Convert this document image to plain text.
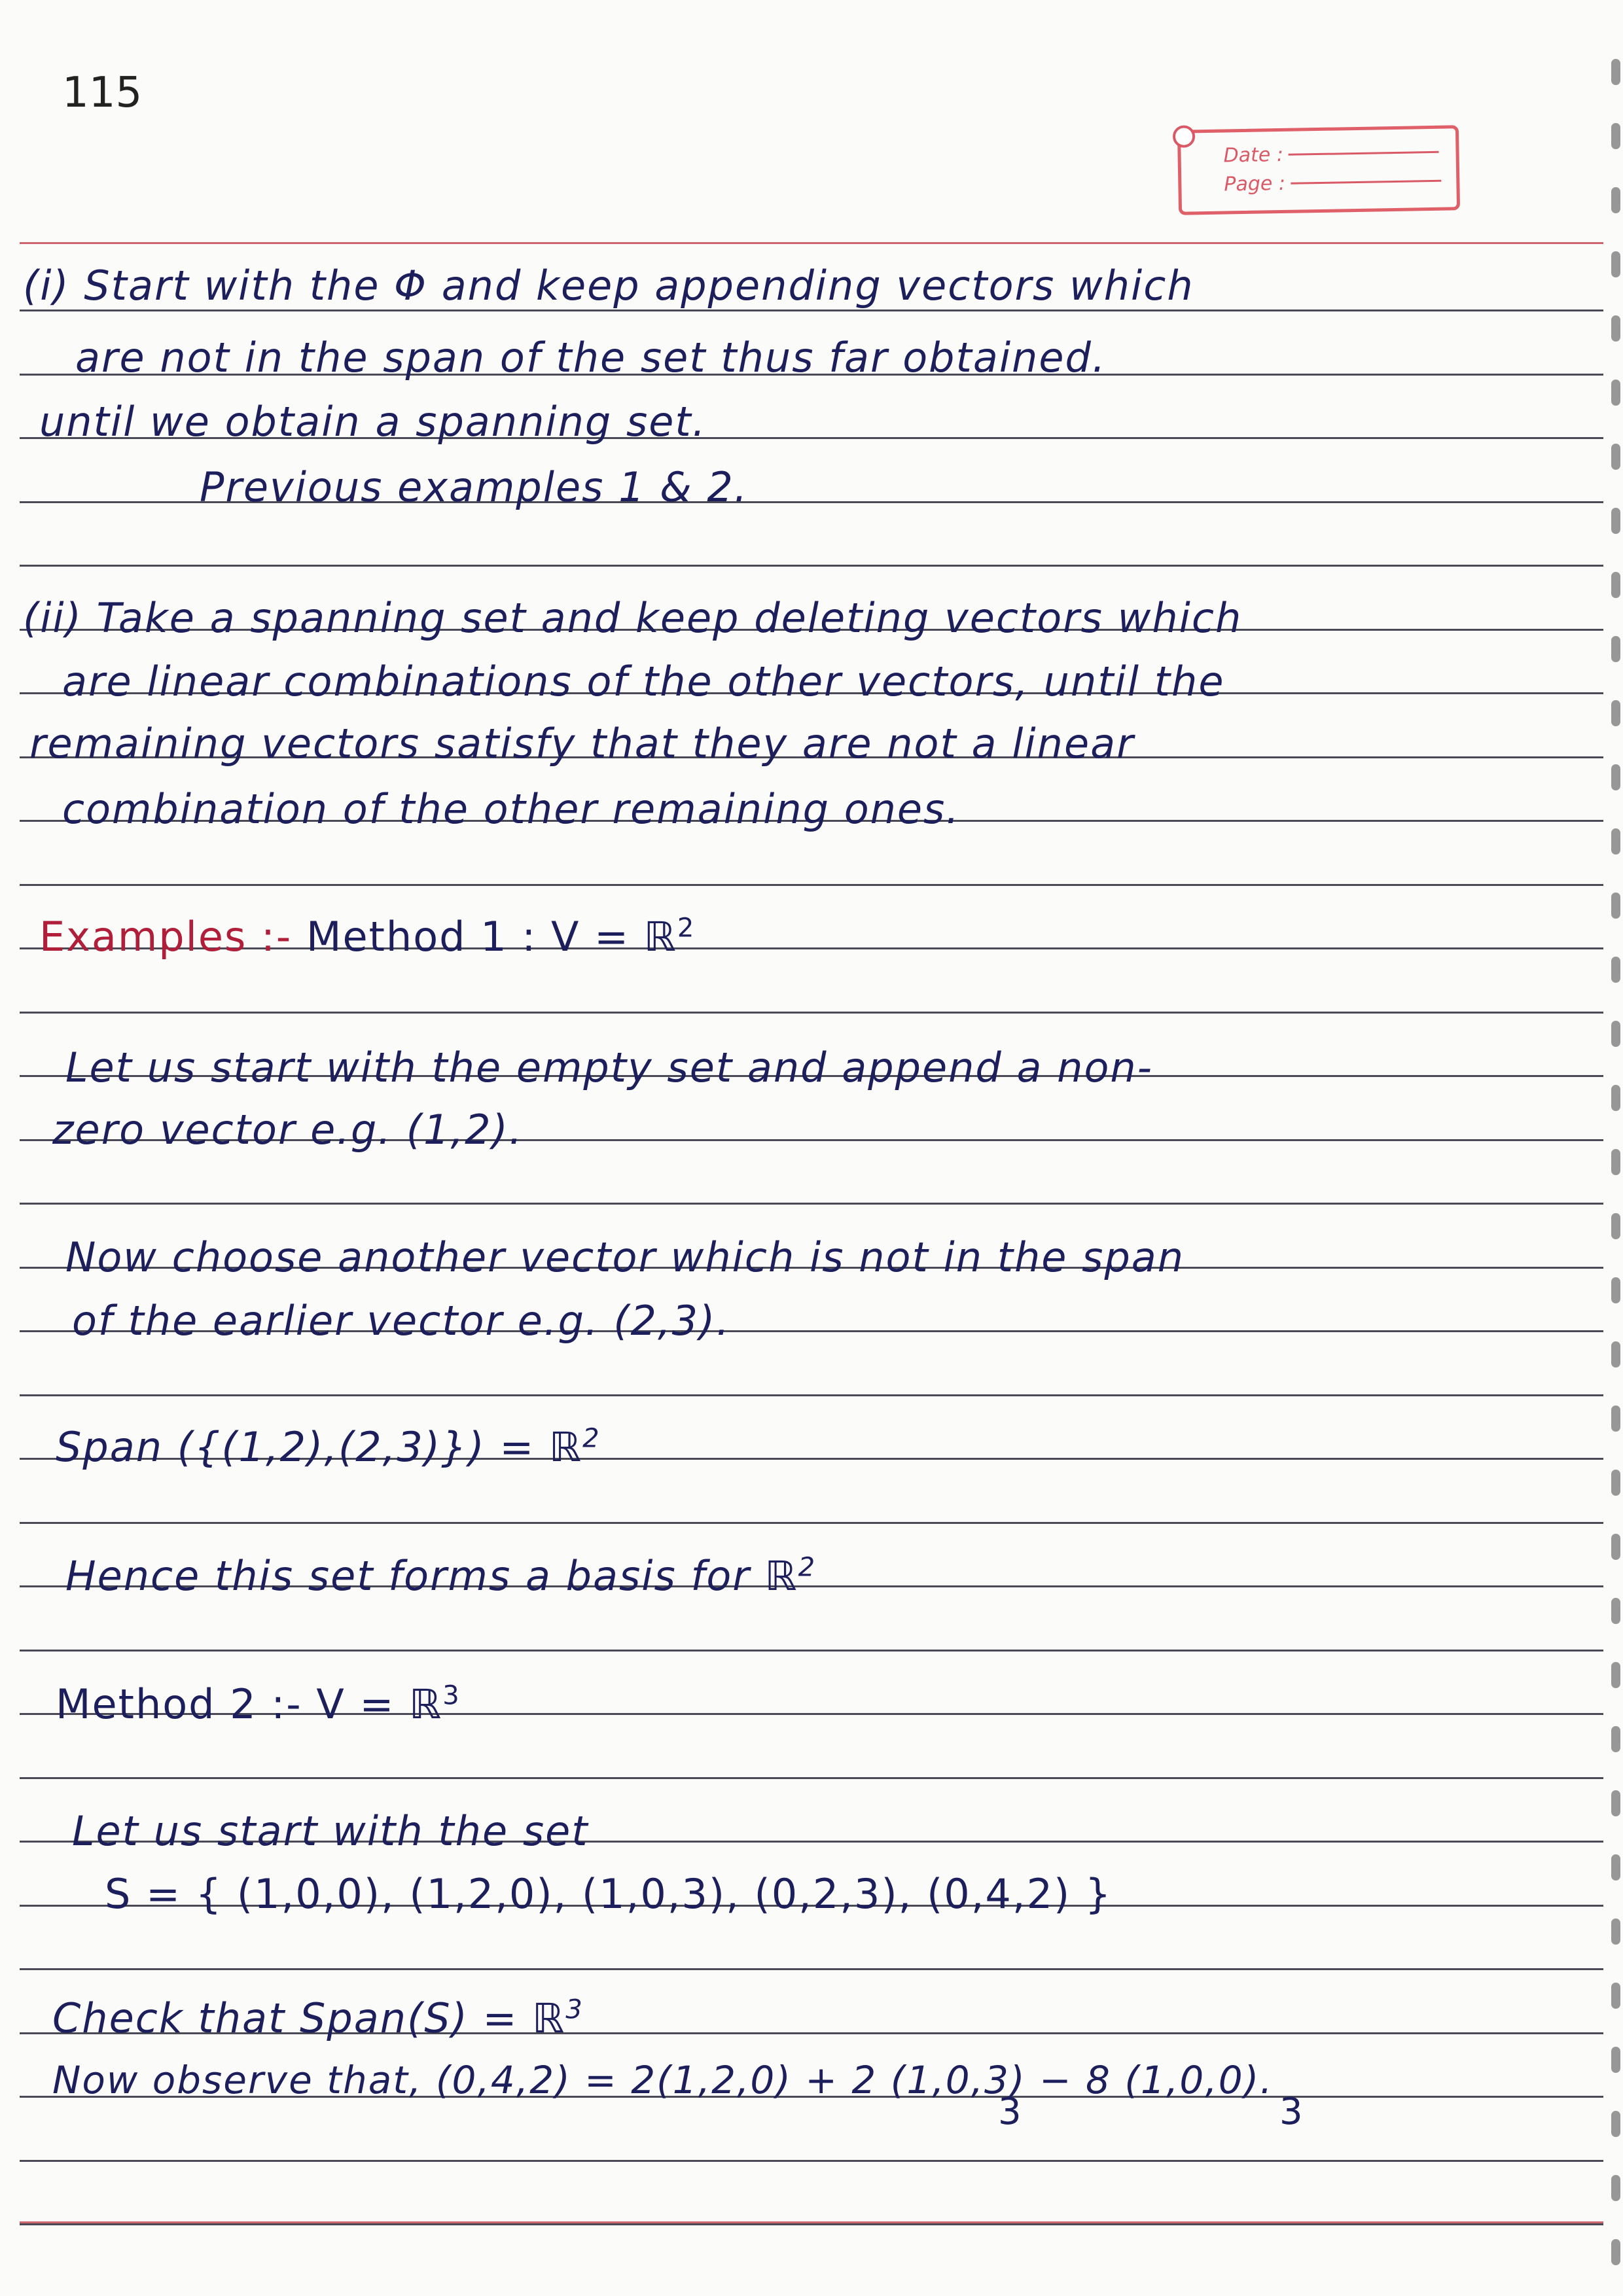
115
Date :
Page :
(i) Start with the Φ and keep appending vectors which
are not in the span of the set thus far obtained.
until we obtain a spanning set.
Previous examples 1 & 2.
(ii) Take a spanning set and keep deleting vectors which
are linear combinations of the other vectors, until the
remaining vectors satisfy that they are not a linear
combination of the other remaining ones.
Examples :- Method 1 : V = ℝ$^2$
Let us start with the empty set and append a non-
zero vector e.g. (1,2).
Now choose another vector which is not in the span
of the earlier vector e.g. (2,3).
Span ({(1,2),(2,3)}) = ℝ$^2$
Hence this set forms a basis for ℝ$^2$
Method 2 :- V = ℝ$^3$
Let us start with the set
S = { (1,0,0), (1,2,0), (1,0,3), (0,2,3), (0,4,2) }
Check that Span(S) = ℝ$^3$
Now observe that, (0,4,2) = 2(1,2,0) + 2 (1,0,3) − 8 (1,0,0).
3	3
